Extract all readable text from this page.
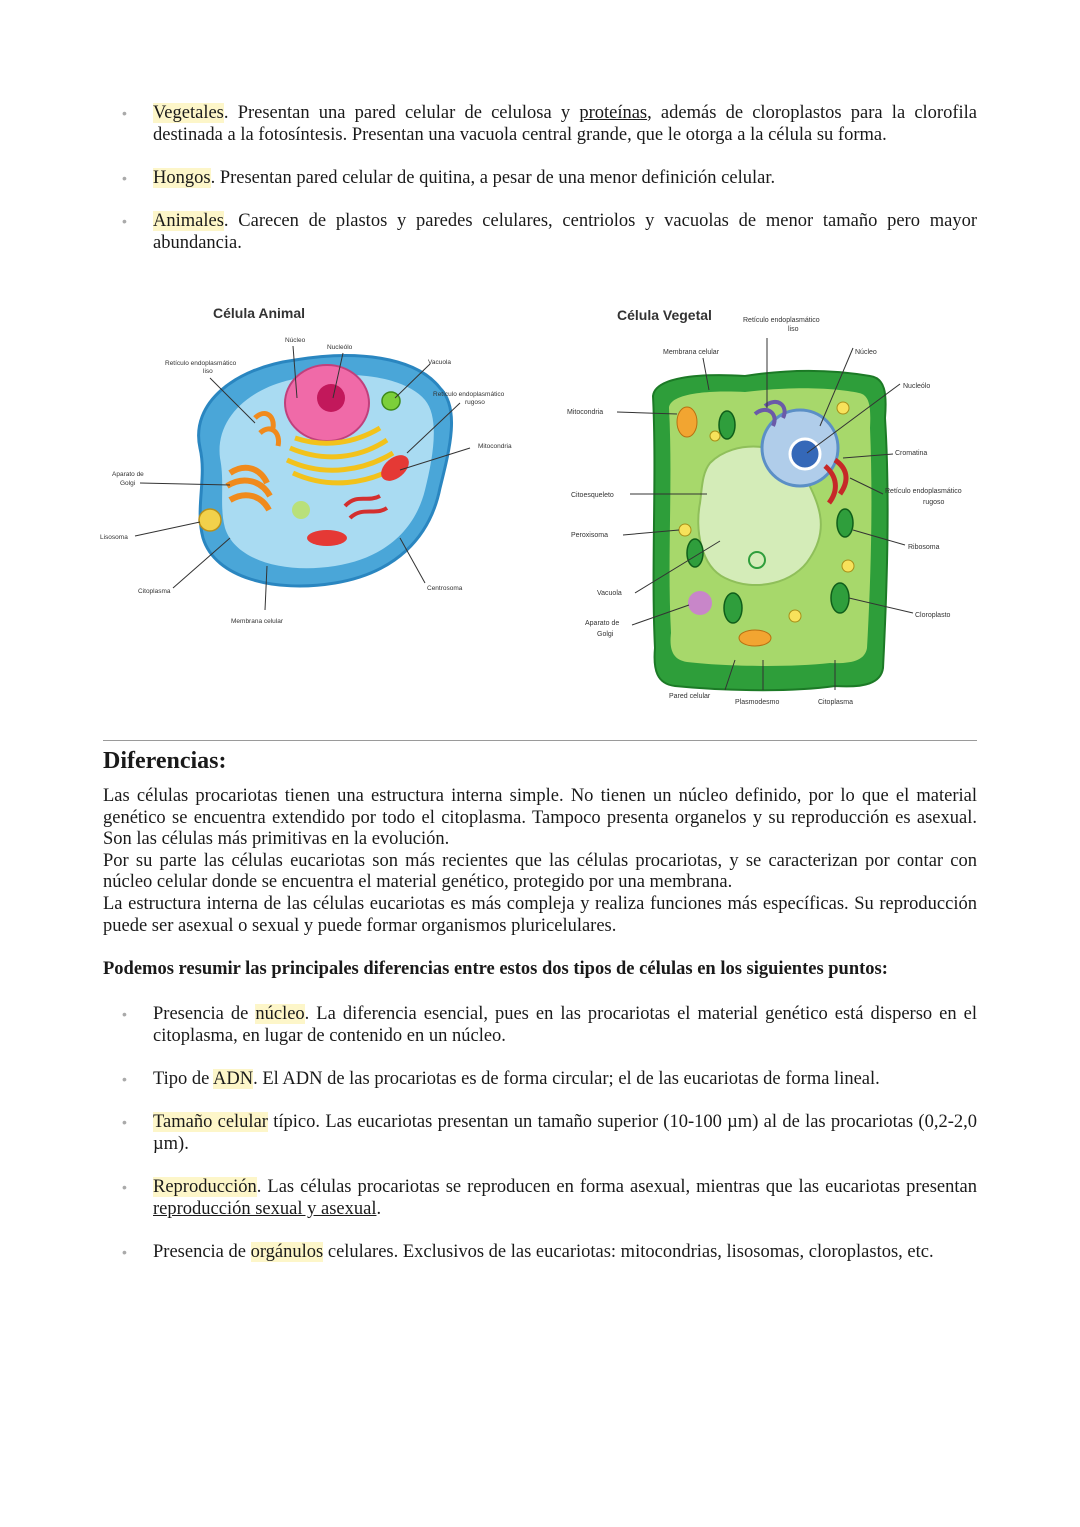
• Vegetales. Presentan una pared celular de celulosa y proteínas, además de cloroplastos para la clorofila destinada a la fotosíntesis. Presentan una vacuola central grande, que le otorga a la célula su forma.
• Hongos. Presentan pared celular de quitina, a pesar de una menor definición celular.
• Animales. Carecen de plastos y paredes celulares, centriolos y vacuolas de menor tamaño pero mayor abundancia.
Célula Animal
Núcleo
Nucleólo
Retículo endoplasmático
liso
Vacuola
Retículo endoplasmático
rugoso
Mitocondria
Aparato de
Golgi
Lisosoma
Citoplasma
Membrana celular
Centrosoma
Célula Vegetal	Retículo endoplasmático
liso
Membrana celular	Núcleo
Mitocondria
Nucleólo
Cromatina
Citoesqueleto
Retículo endoplasmático
rugoso
Peroxisoma
Ribosoma
Vacuola
Aparato de
Golgi
Cloroplasto
Pared celular
Plasmodesmo	Citoplasma
Diferencias:

Las células procariotas tienen una estructura interna simple. No tienen un núcleo definido, por lo que el material genético se encuentra extendido por todo el citoplasma. Tampoco presenta organelos y su reproducción es asexual. Son las células más primitivas en la evolución.

Por su parte las células eucariotas son más recientes que las células procariotas, y se caracterizan por contar con núcleo celular donde se encuentra el material genético, protegido por una membrana.

La estructura interna de las células eucariotas es más compleja y realiza funciones más específicas. Su reproducción puede ser asexual o sexual y puede formar organismos pluricelulares.

Podemos resumir las principales diferencias entre estos dos tipos de células en los siguientes puntos:

• Presencia de núcleo. La diferencia esencial, pues en las procariotas el material genético está disperso en el citoplasma, en lugar de contenido en un núcleo.
• Tipo de ADN. El ADN de las procariotas es de forma circular; el de las eucariotas de forma lineal.
• Tamaño celular típico. Las eucariotas presentan un tamaño superior (10-100 µm) al de las procariotas (0,2-2,0 µm).
• Reproducción. Las células procariotas se reproducen en forma asexual, mientras que las eucariotas presentan reproducción sexual y asexual.
• Presencia de orgánulos celulares. Exclusivos de las eucariotas: mitocondrias, lisosomas, cloroplastos, etc.
